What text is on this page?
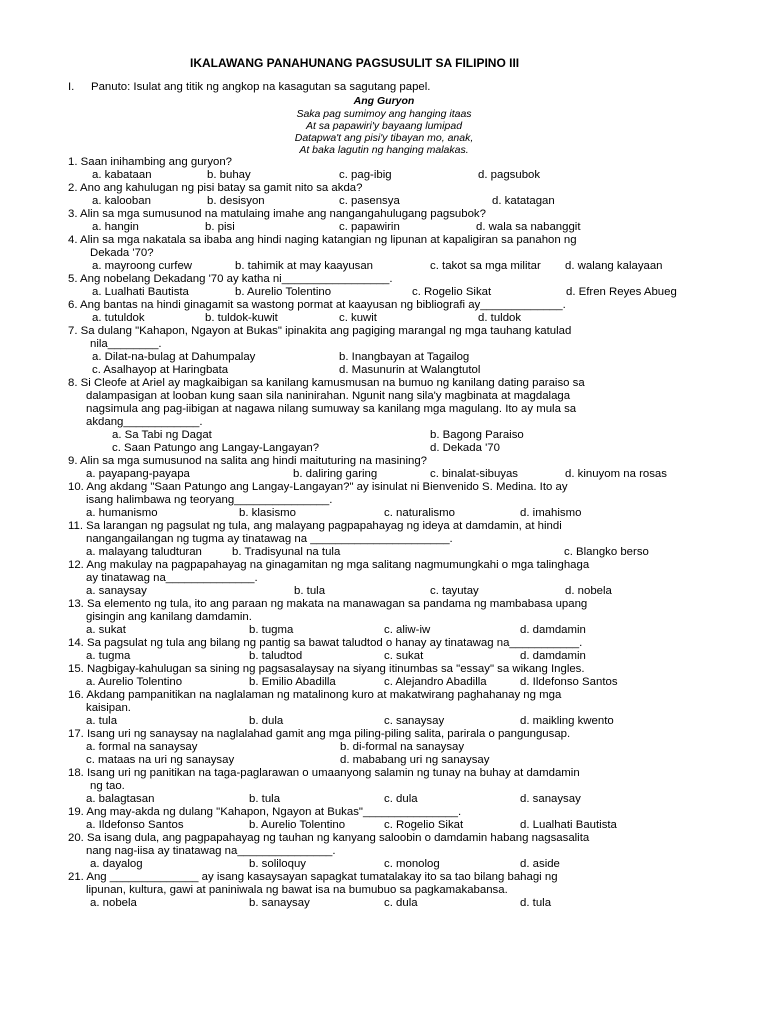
IKALAWANG PANAHUNANG PAGSUSULIT SA FILIPINO III
I. Panuto: Isulat ang titik ng angkop na kasagutan sa sagutang papel.
Ang Guryon
Saka pag sumimoy ang hanging itaas
At sa papawiri'y bayaang lumipad
Datapwa't ang pisi'y tibayan mo, anak,
At baka lagutin ng hanging malakas.
1. Saan inihambing ang guryon?
a. kabataan	b. buhay	c. pag-ibig	d. pagsubok
2. Ano ang kahulugan ng pisi batay sa gamit nito sa akda?
a. kalooban	b. desisyon	c. pasensya	d. katatagan
3. Alin sa mga sumusunod na matulaing imahe ang nangangahulugang pagsubok?
a. hangin	b. pisi	c. papawirin	d. wala sa nabanggit
4. Alin sa mga nakatala sa ibaba ang hindi naging katangian ng lipunan at kapaligiran sa panahon ng
Dekada '70?
a. mayroong curfew	b. tahimik at may kaayusan	c. takot sa mga militar d. walang kalayaan
5. Ang nobelang Dekadang '70 ay katha ni_________________.
a. Lualhati Bautista	b. Aurelio Tolentino	c. Rogelio Sikat	d. Efren Reyes Abueg
6. Ang bantas na hindi ginagamit sa wastong pormat at kaayusan ng bibliografi ay_____________.
a. tutuldok	b. tuldok-kuwit	c. kuwit	d. tuldok
7. Sa dulang "Kahapon, Ngayon at Bukas" ipinakita ang pagiging marangal ng mga tauhang katulad
nila________.
a. Dilat-na-bulag at Dahumpalay	b. Inangbayan at Tagailog
c. Asalhayop at Haringbata	d. Masunurin at Walangtutol
8. Si Cleofe at Ariel ay magkaibigan sa kanilang kamusmusan na bumuo ng kanilang dating paraiso sa
dalampasigan at looban kung saan sila naninirahan. Ngunit nang sila'y magbinata at magdalaga
nagsimula ang pag-iibigan at nagawa nilang sumuway sa kanilang mga magulang. Ito ay mula sa
akdang____________.
a. Sa Tabi ng Dagat	b. Bagong Paraiso
c. Saan Patungo ang Langay-Langayan?	d. Dekada '70
9. Alin sa mga sumusunod na salita ang hindi maituturing na masining?
a. payapang-payapa	b. daliring garing	c. binalat-sibuyas	d. kinuyom na rosas
10. Ang akdang "Saan Patungo ang Langay-Langayan?" ay isinulat ni Bienvenido S. Medina. Ito ay
isang halimbawa ng teoryang_______________.
a. humanismo	b. klasismo	c. naturalismo	d. imahismo
11. Sa larangan ng pagsulat ng tula, ang malayang pagpapahayag ng ideya at damdamin, at hindi
nangangailangan ng tugma ay tinatawag na ______________________.
a. malayang taludturan	b. Tradisyunal na tula	c. Blangko berso
12. Ang makulay na pagpapahayag na ginagamitan ng mga salitang nagmumungkahi o mga talinghaga
ay tinatawag na______________.
a. sanaysay	b. tula	c. tayutay	d. nobela
13. Sa elemento ng tula, ito ang paraan ng makata na manawagan sa pandama ng mambabasa upang
gisingin ang kanilang damdamin.
a. sukat	b. tugma	c. aliw-iw	d. damdamin
14. Sa pagsulat ng tula ang bilang ng pantig sa bawat taludtod o hanay ay tinatawag na___________.
a. tugma	b. taludtod	c. sukat	d. damdamin
15. Nagbigay-kahulugan sa sining ng pagsasalaysay na siyang itinumbas sa "essay" sa wikang Ingles.
a. Aurelio Tolentino	b. Emilio Abadilla	c. Alejandro Abadilla	d. Ildefonso Santos
16. Akdang pampanitikan na naglalaman ng matalinong kuro at makatwirang paghahanay ng mga
kaisipan.
a. tula	b. dula	c. sanaysay	d. maikling kwento
17. Isang uri ng sanaysay na naglalahad gamit ang mga piling-piling salita, parirala o pangungusap.
a. formal na sanaysay	b. di-formal na sanaysay
c. mataas na uri ng sanaysay	d. mababang uri ng sanaysay
18. Isang uri ng panitikan na taga-paglarawan o umaanyong salamin ng tunay na buhay at damdamin
ng tao.
a. balagtasan	b. tula	c. dula	d. sanaysay
19. Ang may-akda ng dulang "Kahapon, Ngayon at Bukas"_______________.
a. Ildefonso Santos	b. Aurelio Tolentino	c. Rogelio Sikat	d. Lualhati Bautista
20. Sa isang dula, ang pagpapahayag ng tauhan ng kanyang saloobin o damdamin habang nagsasalita
nang nag-iisa ay tinatawag na_______________.
a. dayalog	b. soliloquy	c. monolog	d. aside
21. Ang ______________ ay isang kasaysayan sapagkat tumatalakay ito sa tao bilang bahagi ng
lipunan, kultura, gawi at paniniwala ng bawat isa na bumubuo sa pagkamakabansa.
a. nobela	b. sanaysay	c. dula	d. tula
